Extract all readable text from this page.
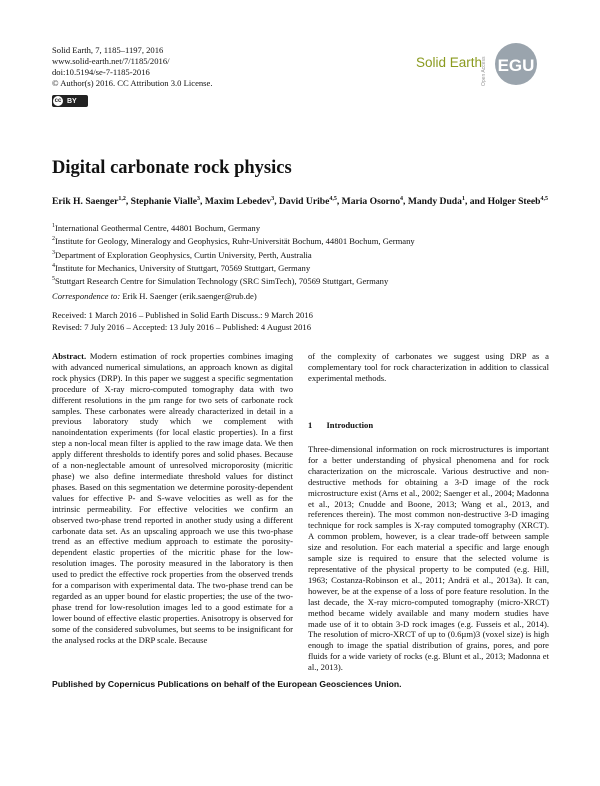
Solid Earth, 7, 1185–1197, 2016
www.solid-earth.net/7/1185/2016/
doi:10.5194/se-7-1185-2016
© Author(s) 2016. CC Attribution 3.0 License.
cc BY
Solid Earth
Open Access EGU
Digital carbonate rock physics
Erik H. Saenger$^{1,2}$, Stephanie Vialle$^3$, Maxim Lebedev$^3$, David Uribe$^{4,5}$, Maria Osorno$^4$, Mandy Duda$^1$, and Holger Steeb$^{4,5}$
$^1$International Geothermal Centre, 44801 Bochum, Germany
$^2$Institute for Geology, Mineralogy and Geophysics, Ruhr-Universität Bochum, 44801 Bochum, Germany
$^3$Department of Exploration Geophysics, Curtin University, Perth, Australia
$^4$Institute for Mechanics, University of Stuttgart, 70569 Stuttgart, Germany
$^5$Stuttgart Research Centre for Simulation Technology (SRC SimTech), 70569 Stuttgart, Germany
Correspondence to: Erik H. Saenger (erik.saenger@rub.de)
Received: 1 March 2016 – Published in Solid Earth Discuss.: 9 March 2016
Revised: 7 July 2016 – Accepted: 13 July 2016 – Published: 4 August 2016
Abstract. Modern estimation of rock properties combines imaging with advanced numerical simulations, an approach known as digital rock physics (DRP). In this paper we suggest a specific segmentation procedure of X-ray micro-computed tomography data with two different resolutions in the µm range for two sets of carbonate rock samples. These carbonates were already characterized in detail in a previous laboratory study which we complement with nanoindentation experiments (for local elastic properties). In a first step a non-local mean filter is applied to the raw image data. We then apply different thresholds to identify pores and solid phases. Because of a non-neglectable amount of unresolved microporosity (micritic phase) we also define intermediate threshold values for distinct phases. Based on this segmentation we determine porosity-dependent values for effective P- and S-wave velocities as well as for the intrinsic permeability. For effective velocities we confirm an observed two-phase trend reported in another study using a different carbonate data set. As an upscaling approach we use this two-phase trend as an effective medium approach to estimate the porosity-dependent elastic properties of the micritic phase for the low-resolution images. The porosity measured in the laboratory is then used to predict the effective rock properties from the observed trends for a comparison with experimental data. The two-phase trend can be regarded as an upper bound for elastic properties; the use of the two-phase trend for low-resolution images led to a good estimate for a lower bound of effective elastic properties. Anisotropy is observed for some of the considered subvolumes, but seems to be insignificant for the analysed rocks at the DRP scale. Because
of the complexity of carbonates we suggest using DRP as a complementary tool for rock characterization in addition to classical experimental methods.
1 Introduction
Three-dimensional information on rock microstructures is important for a better understanding of physical phenomena and for rock characterization on the microscale. Various destructive and non-destructive methods for obtaining a 3-D image of the rock microstructure exist (Arns et al., 2002; Saenger et al., 2004; Madonna et al., 2013; Cnudde and Boone, 2013; Wang et al., 2013, and references therein). The most common non-destructive 3-D imaging technique for rock samples is X-ray computed tomography (XRCT). A common problem, however, is a clear trade-off between sample size and resolution. For each material a specific and large enough sample size is required to ensure that the selected volume is representative of the physical property to be computed (e.g. Hill, 1963; Costanza-Robinson et al., 2011; Andrä et al., 2013a). It can, however, be at the expense of a loss of pore feature resolution. In the last decade, the X-ray micro-computed tomography (micro-XRCT) method became widely available and many modern studies have made use of it to obtain 3-D rock images (e.g. Fusseis et al., 2014). The resolution of micro-XRCT of up to (0.6µm)3 (voxel size) is high enough to image the spatial distribution of grains, pores, and pore fluids for a wide variety of rocks (e.g. Blunt et al., 2013; Madonna et al., 2013).
Published by Copernicus Publications on behalf of the European Geosciences Union.
